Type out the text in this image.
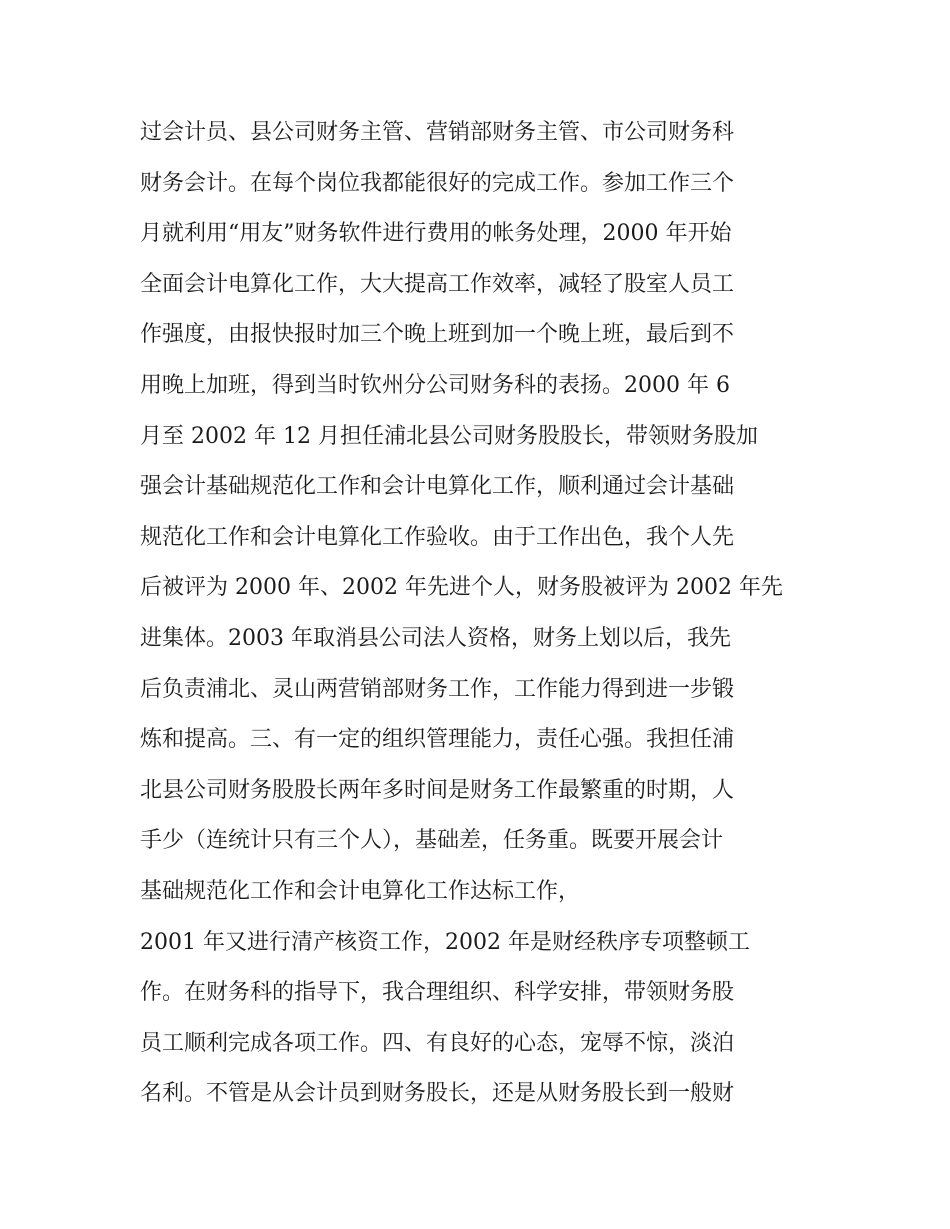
过会计员、县公司财务主管、营销部财务主管、市公司财务科
财务会计。在每个岗位我都能很好的完成工作。参加工作三个
月就利用“用友”财务软件进行费用的帐务处理，2000 年开始
全面会计电算化工作，大大提高工作效率，减轻了股室人员工
作强度，由报快报时加三个晚上班到加一个晚上班，最后到不
用晚上加班，得到当时钦州分公司财务科的表扬。2000 年 6
月至 2002 年 12 月担任浦北县公司财务股股长，带领财务股加
强会计基础规范化工作和会计电算化工作，顺利通过会计基础
规范化工作和会计电算化工作验收。由于工作出色，我个人先
后被评为 2000 年、2002 年先进个人，财务股被评为 2002 年先
进集体。2003 年取消县公司法人资格，财务上划以后，我先
后负责浦北、灵山两营销部财务工作，工作能力得到进一步锻
炼和提高。三、有一定的组织管理能力，责任心强。我担任浦
北县公司财务股股长两年多时间是财务工作最繁重的时期，人
手少（连统计只有三个人），基础差，任务重。既要开展会计
基础规范化工作和会计电算化工作达标工作，
2001 年又进行清产核资工作，2002 年是财经秩序专项整顿工
作。在财务科的指导下，我合理组织、科学安排，带领财务股
员工顺利完成各项工作。四、有良好的心态，宠辱不惊，淡泊
名利。不管是从会计员到财务股长，还是从财务股长到一般财
